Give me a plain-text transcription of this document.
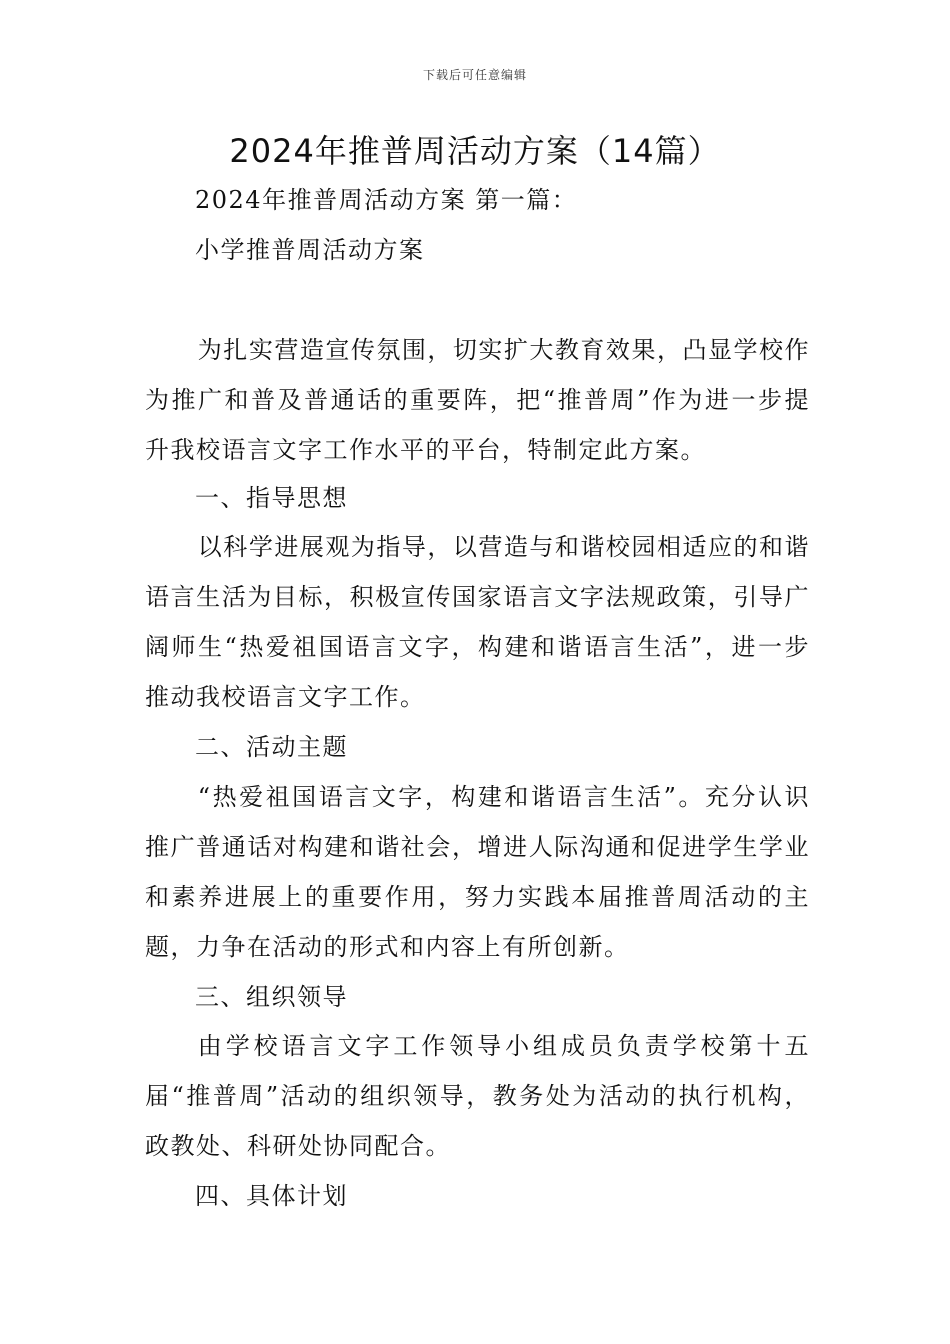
下载后可任意编辑
2024年推普周活动方案（14篇）
2024年推普周活动方案 第一篇：
小学推普周活动方案
为扎实营造宣传氛围，切实扩大教育效果，凸显学校作为推广和普及普通话的重要阵，把“推普周”作为进一步提升我校语言文字工作水平的平台，特制定此方案。
一、指导思想
以科学进展观为指导，以营造与和谐校园相适应的和谐语言生活为目标，积极宣传国家语言文字法规政策，引导广阔师生“热爱祖国语言文字，构建和谐语言生活”，进一步推动我校语言文字工作。
二、活动主题
“热爱祖国语言文字，构建和谐语言生活”。充分认识推广普通话对构建和谐社会，增进人际沟通和促进学生学业和素养进展上的重要作用，努力实践本届推普周活动的主题，力争在活动的形式和内容上有所创新。
三、组织领导
由学校语言文字工作领导小组成员负责学校第十五届“推普周”活动的组织领导，教务处为活动的执行机构，政教处、科研处协同配合。
四、具体计划
